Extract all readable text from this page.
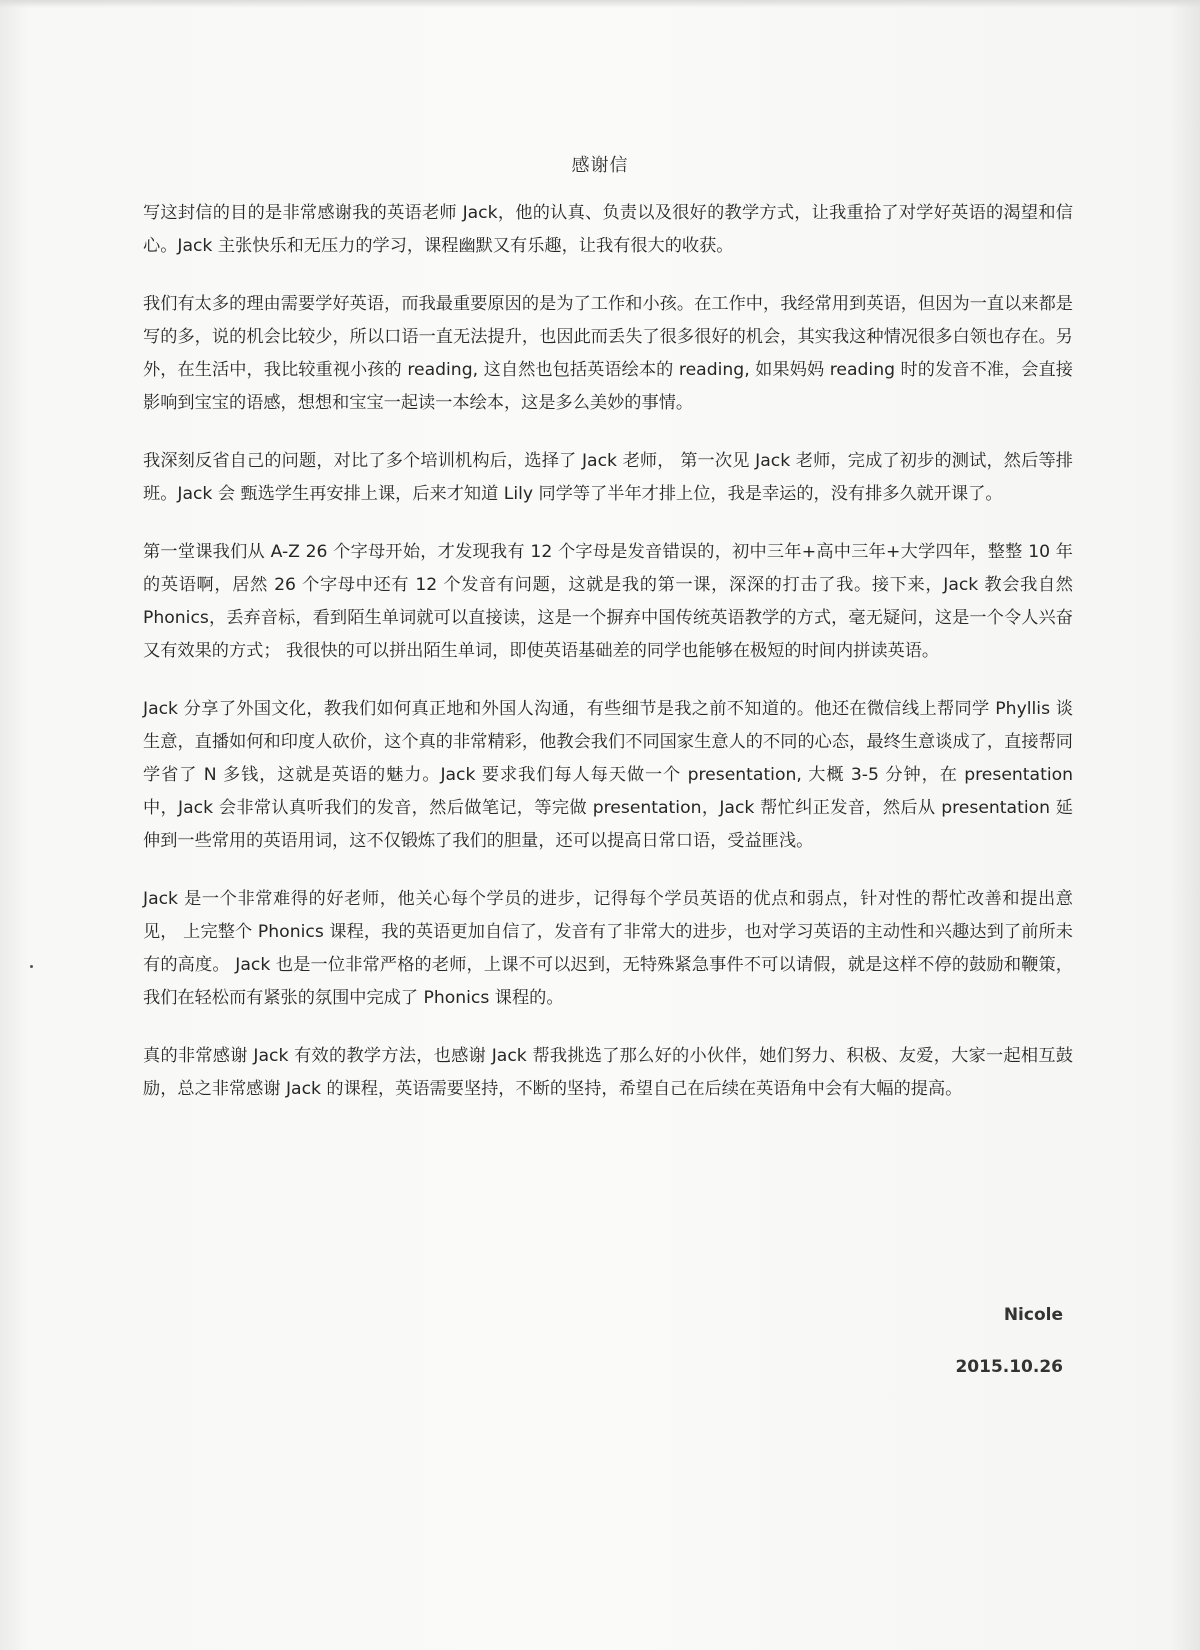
感谢信

写这封信的目的是非常感谢我的英语老师 Jack，他的认真、负责以及很好的教学方式，让我重拾了对学好英语的渴望和信心。Jack 主张快乐和无压力的学习，课程幽默又有乐趣，让我有很大的收获。

我们有太多的理由需要学好英语，而我最重要原因的是为了工作和小孩。在工作中，我经常用到英语，但因为一直以来都是写的多，说的机会比较少，所以口语一直无法提升，也因此而丢失了很多很好的机会，其实我这种情况很多白领也存在。另外，在生活中，我比较重视小孩的 reading, 这自然也包括英语绘本的 reading, 如果妈妈 reading 时的发音不准，会直接影响到宝宝的语感，想想和宝宝一起读一本绘本，这是多么美妙的事情。

我深刻反省自己的问题，对比了多个培训机构后，选择了 Jack 老师， 第一次见 Jack 老师，完成了初步的测试，然后等排班。Jack 会 甄选学生再安排上课，后来才知道 Lily 同学等了半年才排上位，我是幸运的，没有排多久就开课了。

第一堂课我们从 A-Z 26 个字母开始，才发现我有 12 个字母是发音错误的，初中三年+高中三年+大学四年，整整 10 年的英语啊，居然 26 个字母中还有 12 个发音有问题，这就是我的第一课，深深的打击了我。接下来，Jack 教会我自然 Phonics，丢弃音标，看到陌生单词就可以直接读，这是一个摒弃中国传统英语教学的方式，毫无疑问，这是一个令人兴奋又有效果的方式； 我很快的可以拼出陌生单词，即使英语基础差的同学也能够在极短的时间内拼读英语。

Jack 分享了外国文化，教我们如何真正地和外国人沟通，有些细节是我之前不知道的。他还在微信线上帮同学 Phyllis 谈生意，直播如何和印度人砍价，这个真的非常精彩，他教会我们不同国家生意人的不同的心态，最终生意谈成了，直接帮同学省了 N 多钱，这就是英语的魅力。Jack 要求我们每人每天做一个 presentation, 大概 3-5 分钟，在 presentation 中，Jack 会非常认真听我们的发音，然后做笔记，等完做 presentation，Jack 帮忙纠正发音，然后从 presentation 延伸到一些常用的英语用词，这不仅锻炼了我们的胆量，还可以提高日常口语，受益匪浅。

Jack 是一个非常难得的好老师，他关心每个学员的进步，记得每个学员英语的优点和弱点，针对性的帮忙改善和提出意见， 上完整个 Phonics 课程，我的英语更加自信了，发音有了非常大的进步，也对学习英语的主动性和兴趣达到了前所未有的高度。 Jack 也是一位非常严格的老师，上课不可以迟到，无特殊紧急事件不可以请假，就是这样不停的鼓励和鞭策，我们在轻松而有紧张的氛围中完成了 Phonics 课程的。

真的非常感谢 Jack 有效的教学方法，也感谢 Jack 帮我挑选了那么好的小伙伴，她们努力、积极、友爱，大家一起相互鼓励，总之非常感谢 Jack 的课程，英语需要坚持，不断的坚持，希望自己在后续在英语角中会有大幅的提高。

Nicole
2015.10.26
